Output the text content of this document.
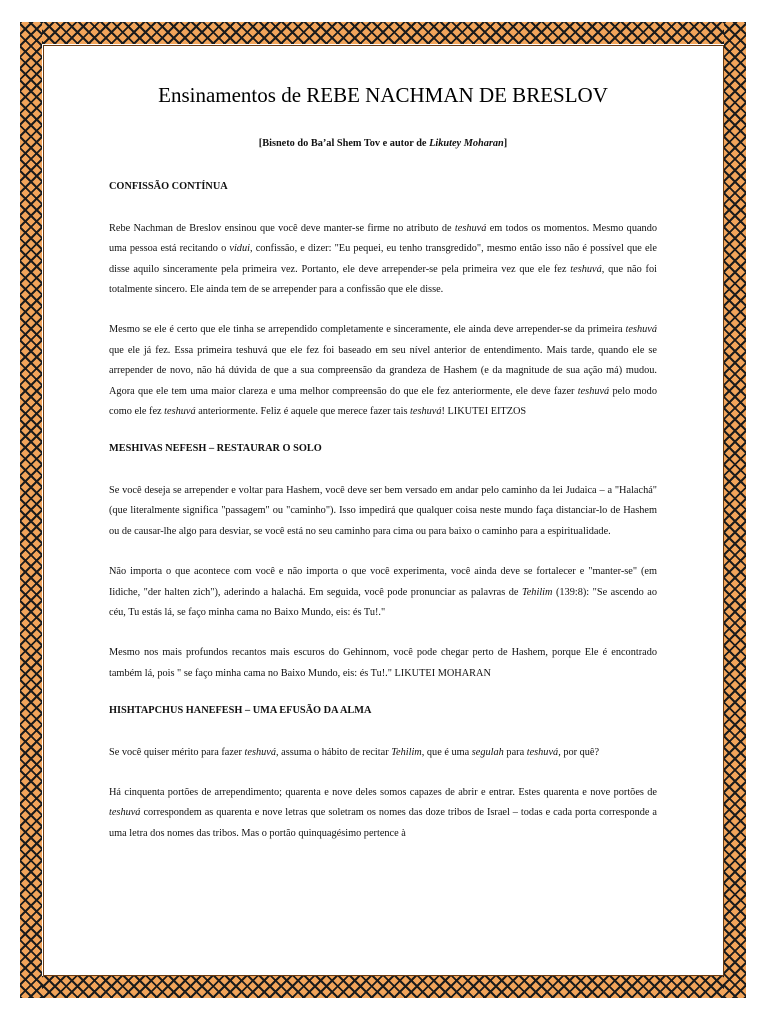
Ensinamentos de REBE NACHMAN DE BRESLOV
[Bisneto do Ba’al Shem Tov e autor de Likutey Moharan]
CONFISSÃO CONTÍNUA

Rebe Nachman de Breslov ensinou que você deve manter-se firme no atributo de teshuvá em todos os momentos. Mesmo quando uma pessoa está recitando o vidui, confissão, e dizer: "Eu pequei, eu tenho transgredido", mesmo então isso não é possível que ele disse aquilo sinceramente pela primeira vez. Portanto, ele deve arrepender-se pela primeira vez que ele fez teshuvá, que não foi totalmente sincero. Ele ainda tem de se arrepender para a confissão que ele disse.

Mesmo se ele é certo que ele tinha se arrependido completamente e sinceramente, ele ainda deve arrepender-se da primeira teshuvá que ele já fez. Essa primeira teshuvá que ele fez foi baseado em seu nível anterior de entendimento. Mais tarde, quando ele se arrepender de novo, não há dúvida de que a sua compreensão da grandeza de Hashem (e da magnitude de sua ação má) mudou. Agora que ele tem uma maior clareza e uma melhor compreensão do que ele fez anteriormente, ele deve fazer teshuvá pelo modo como ele fez teshuvá anteriormente. Feliz é aquele que merece fazer tais teshuvá! LIKUTEI EITZOS

MESHIVAS NEFESH – RESTAURAR O SOLO

Se você deseja se arrepender e voltar para Hashem, você deve ser bem versado em andar pelo caminho da lei Judaica – a "Halachá" (que literalmente significa "passagem" ou "caminho"). Isso impedirá que qualquer coisa neste mundo faça distanciar-lo de Hashem ou de causar-lhe algo para desviar, se você está no seu caminho para cima ou para baixo o caminho para a espiritualidade.

Não importa o que acontece com você e não importa o que você experimenta, você ainda deve se fortalecer e "manter-se" (em Iidiche, "der halten zich"), aderindo a halachá. Em seguida, você pode pronunciar as palavras de Tehilim (139:8): "Se ascendo ao céu, Tu estás lá, se faço minha cama no Baixo Mundo, eis: és Tu!."

Mesmo nos mais profundos recantos mais escuros do Gehinnom, você pode chegar perto de Hashem, porque Ele é encontrado também lá, pois " se faço minha cama no Baixo Mundo, eis: és Tu!." LIKUTEI MOHARAN

HISHTAPCHUS HANEFESH – UMA EFUSÃO DA ALMA

Se você quiser mérito para fazer teshuvá, assuma o hábito de recitar Tehilim, que é uma segulah para teshuvá, por quê?

Há cinquenta portões de arrependimento; quarenta e nove deles somos capazes de abrir e entrar. Estes quarenta e nove portões de teshuvá correspondem as quarenta e nove letras que soletram os nomes das doze tribos de Israel – todas e cada porta corresponde a uma letra dos nomes das tribos. Mas o portão quinquagésimo pertence à
